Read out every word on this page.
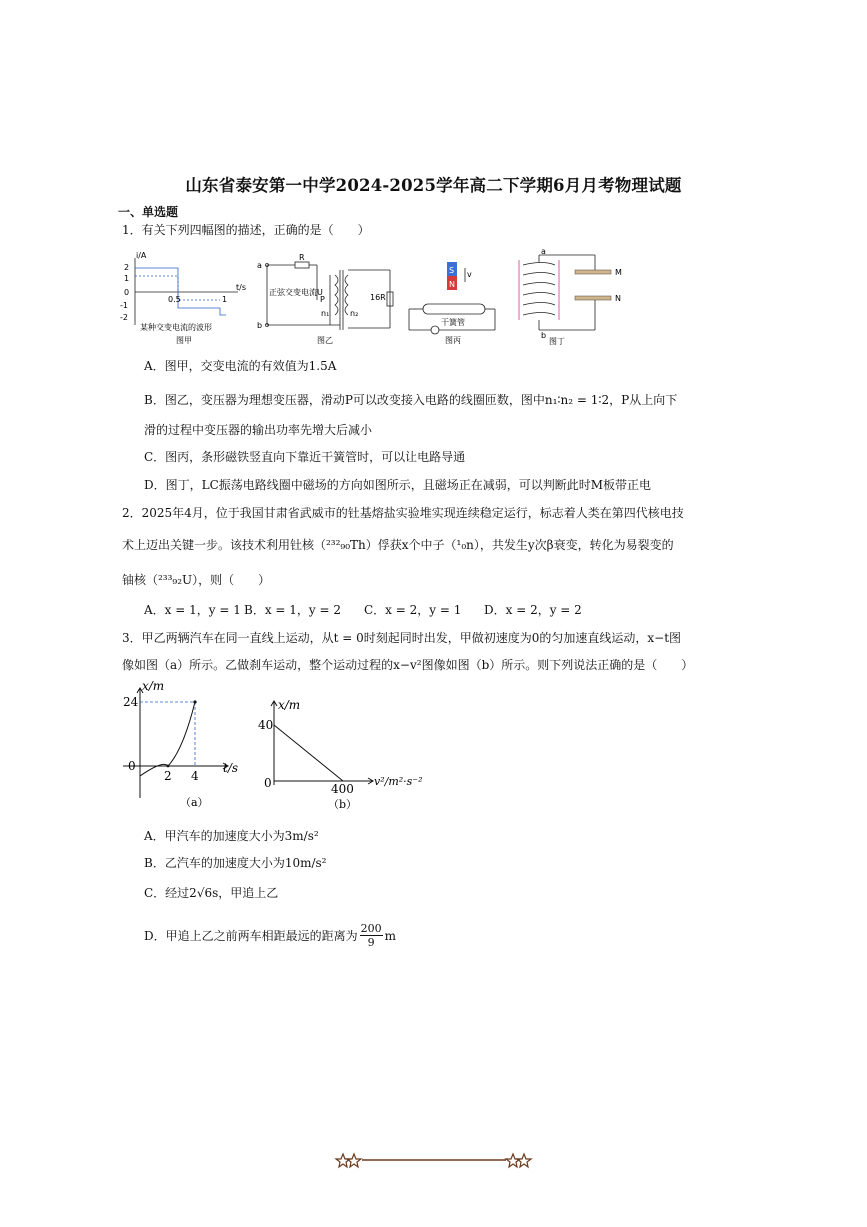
山东省泰安第一中学2024-2025学年高二下学期6月月考物理试题
一、单选题
1．有关下列四幅图的描述，正确的是（　　）
i/A
2
1
0
-1
-2
0.5	1
t/s
某种交变电流的波形
图甲
a
b
R
P
n₁	n₂
16R
正弦交变电流U
图乙
S
N
v
干簧管
图丙
a
b
M
N
图丁
A．图甲，交变电流的有效值为1.5A
B．图乙，变压器为理想变压器，滑动P可以改变接入电路的线圈匝数，图中n₁∶n₂ = 1∶2，P从上向下
滑的过程中变压器的输出功率先增大后减小
C．图丙，条形磁铁竖直向下靠近干簧管时，可以让电路导通
D．图丁，LC振荡电路线圈中磁场的方向如图所示，且磁场正在减弱，可以判断此时M板带正电
2．2025年4月，位于我国甘肃省武威市的钍基熔盐实验堆实现连续稳定运行，标志着人类在第四代核电技
术上迈出关键一步。该技术利用钍核（²³²₉₀Th）俘获x个中子（¹₀n），共发生y次β衰变，转化为易裂变的
铀核（²³³₉₂U），则（　　）
A．x = 1，y = 1 B．x = 1，y = 2 C．x = 2，y = 1 D．x = 2，y = 2
3．甲乙两辆汽车在同一直线上运动，从t = 0时刻起同时出发，甲做初速度为0的匀加速直线运动，x−t图
像如图（a）所示。乙做刹车运动，整个运动过程的x−v²图像如图（b）所示。则下列说法正确的是（　　）
x/m
24
0
2 4
t/s
（a）
x/m
40
0	400
v²/m²·s⁻²
（b）
A．甲汽车的加速度大小为3m/s²
B．乙汽车的加速度大小为10m/s²
C．经过2√6s，甲追上乙
D．甲追上乙之前两车相距最远的距离为 $\frac{200}{9}$ m
